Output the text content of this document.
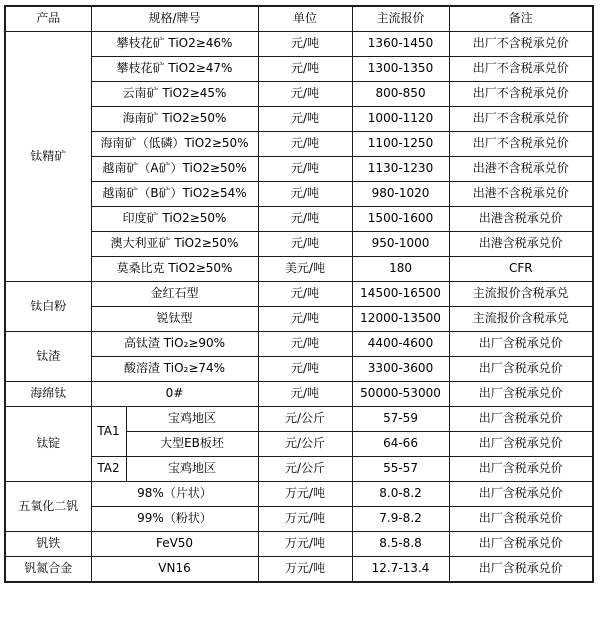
产品	规格/牌号		单位	主流报价	备注
钛精矿	攀枝花矿 TiO2≥46%		元/吨	1360-1450	出厂不含税承兑价
	攀枝花矿 TiO2≥47%		元/吨	1300-1350	出厂不含税承兑价
	云南矿 TiO2≥45%		元/吨	800-850	出厂不含税承兑价
	海南矿 TiO2≥50%		元/吨	1000-1120	出厂不含税承兑价
	海南矿（低磷）TiO2≥50%		元/吨	1100-1250	出厂不含税承兑价
	越南矿（A矿）TiO2≥50%		元/吨	1130-1230	出港不含税承兑价
	越南矿（B矿）TiO2≥54%		元/吨	980-1020	出港不含税承兑价
	印度矿 TiO2≥50%		元/吨	1500-1600	出港含税承兑价
	澳大利亚矿 TiO2≥50%		元/吨	950-1000	出港含税承兑价
	莫桑比克 TiO2≥50%		美元/吨	180	CFR
钛白粉	金红石型		元/吨	14500-16500	主流报价含税承兑
	锐钛型		元/吨	12000-13500	主流报价含税承兑
钛渣	高钛渣 TiO₂≥90%		元/吨	4400-4600	出厂含税承兑价
	酸溶渣 TiO₂≥74%		元/吨	3300-3600	出厂含税承兑价
海绵钛	0#		元/吨	50000-53000	出厂含税承兑价
钛锭	TA1	宝鸡地区	元/公斤	57-59	出厂含税承兑价
		大型EB板坯	元/公斤	64-66	出厂含税承兑价
	TA2	宝鸡地区	元/公斤	55-57	出厂含税承兑价
五氧化二钒	98%（片状）		万元/吨	8.0-8.2	出厂含税承兑价
	99%（粉状）		万元/吨	7.9-8.2	出厂含税承兑价
钒铁	FeV50		万元/吨	8.5-8.8	出厂含税承兑价
钒氮合金	VN16		万元/吨	12.7-13.4	出厂含税承兑价
